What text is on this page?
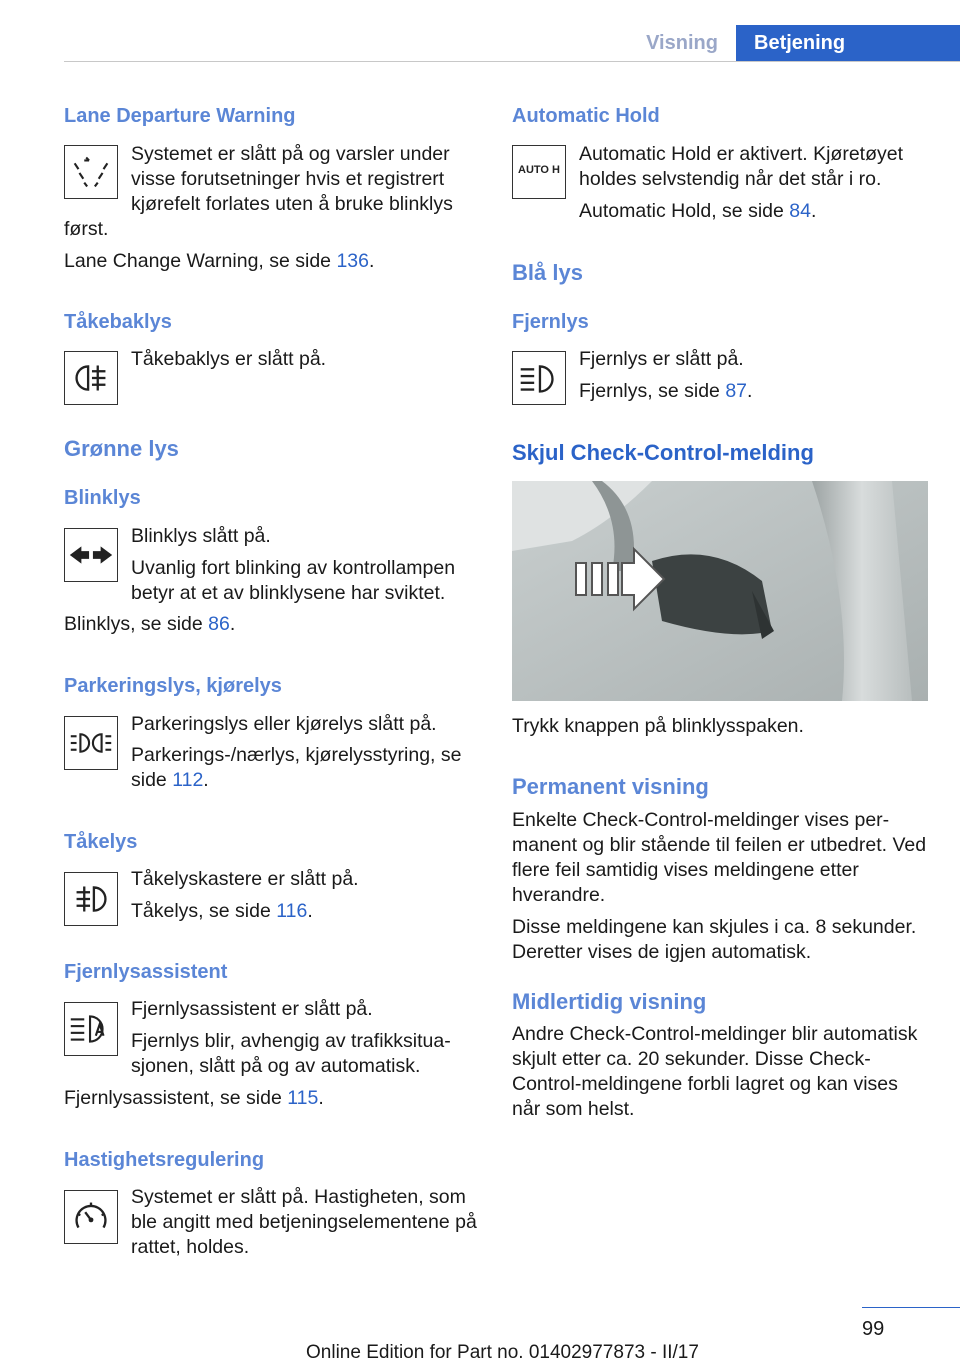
Visning	Betjening
Lane Departure Warning
Systemet er slått på og varsler under visse forutsetninger hvis et registrert kjørefelt forlates uten å bruke blinklys
først.
Lane Change Warning, se side 136.
Tåkebaklys
Tåkebaklys er slått på.
Grønne lys
Blinklys
Blinklys slått på.
Uvanlig fort blinking av kontrollampen betyr at et av blinklysene har sviktet.
Blinklys, se side 86.
Parkeringslys, kjørelys
Parkeringslys eller kjørelys slått på.
Parkerings-/nærlys, kjørelysstyring, se side 112.
Tåkelys
Tåkelyskastere er slått på.
Tåkelys, se side 116.
Fjernlysassistent
Fjernlysassistent er slått på.
Fjernlys blir, avhengig av trafikksituasjonen, slått på og av automatisk.
Fjernlysassistent, se side 115.
Hastighetsregulering
Systemet er slått på. Hastigheten, som ble angitt med betjeningselementene på rattet, holdes.
Automatic Hold
AUTO H
Automatic Hold er aktivert. Kjøretøyet holdes selvstendig når det står i ro.
Automatic Hold, se side 84.
Blå lys
Fjernlys
Fjernlys er slått på.
Fjernlys, se side 87.
Skjul Check-Control-melding
Trykk knappen på blinklysspaken.
Permanent visning
Enkelte Check-Control-meldinger vises permanent og blir stående til feilen er utbedret. Ved flere feil samtidig vises meldingene etter hverandre.
Disse meldingene kan skjules i ca. 8 sekunder. Deretter vises de igjen automatisk.
Midlertidig visning
Andre Check-Control-meldinger blir automatisk skjult etter ca. 20 sekunder. Disse Check-Control-meldingene forbli lagret og kan vises når som helst.
99
Online Edition for Part no. 01402977873 - II/17
